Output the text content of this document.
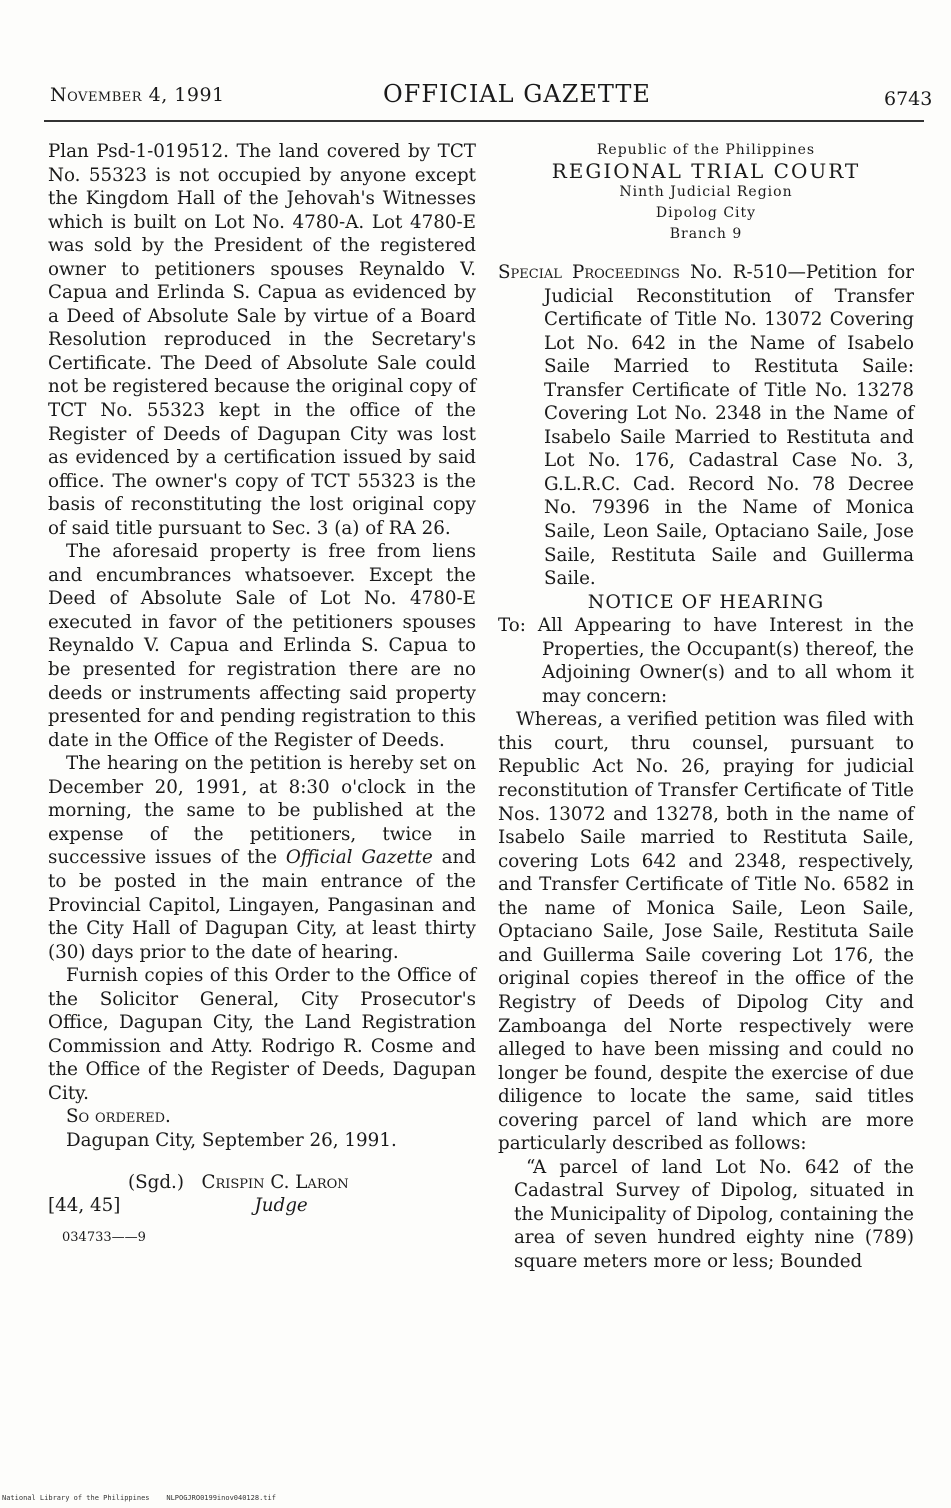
November 4, 1991	OFFICIAL GAZETTE	6743

Plan Psd-1-019512. The land covered by TCT No. 55323 is not occupied by anyone except the Kingdom Hall of the Jehovah's Witnesses which is built on Lot No. 4780-A. Lot 4780-E was sold by the President of the registered owner to petitioners spouses Reynaldo V. Capua and Erlinda S. Capua as evidenced by a Deed of Absolute Sale by virtue of a Board Resolution reproduced in the Secretary's Certificate. The Deed of Absolute Sale could not be registered because the original copy of TCT No. 55323 kept in the office of the Register of Deeds of Dagupan City was lost as evidenced by a certification issued by said office. The owner's copy of TCT 55323 is the basis of reconstituting the lost original copy of said title pursuant to Sec. 3 (a) of RA 26.

The aforesaid property is free from liens and encumbrances whatsoever. Except the Deed of Absolute Sale of Lot No. 4780-E executed in favor of the petitioners spouses Reynaldo V. Capua and Erlinda S. Capua to be presented for registration there are no deeds or instruments affecting said property presented for and pending registration to this date in the Office of the Register of Deeds.

The hearing on the petition is hereby set on December 20, 1991, at 8:30 o'clock in the morning, the same to be published at the expense of the petitioners, twice in successive issues of the Official Gazette and to be posted in the main entrance of the Provincial Capitol, Lingayen, Pangasinan and the City Hall of Dagupan City, at least thirty (30) days prior to the date of hearing.

Furnish copies of this Order to the Office of the Solicitor General, City Prosecutor's Office, Dagupan City, the Land Registration Commission and Atty. Rodrigo R. Cosme and the Office of the Register of Deeds, Dagupan City.

So ordered.

Dagupan City, September 26, 1991.

(Sgd.) Crispin C. Laron
[44, 45]	Judge
034733——9
Republic of the Philippines
REGIONAL TRIAL COURT
Ninth Judicial Region
Dipolog City
Branch 9

Special Proceedings No. R-510—Petition for Judicial Reconstitution of Transfer Certificate of Title No. 13072 Covering Lot No. 642 in the Name of Isabelo Saile Married to Restituta Saile: Transfer Certificate of Title No. 13278 Covering Lot No. 2348 in the Name of Isabelo Saile Married to Restituta and Lot No. 176, Cadastral Case No. 3, G.L.R.C. Cad. Record No. 78 Decree No. 79396 in the Name of Monica Saile, Leon Saile, Optaciano Saile, Jose Saile, Restituta Saile and Guillerma Saile.

NOTICE OF HEARING

To: All Appearing to have Interest in the Properties, the Occupant(s) thereof, the Adjoining Owner(s) and to all whom it may concern:

Whereas, a verified petition was filed with this court, thru counsel, pursuant to Republic Act No. 26, praying for judicial reconstitution of Transfer Certificate of Title Nos. 13072 and 13278, both in the name of Isabelo Saile married to Restituta Saile, covering Lots 642 and 2348, respectively, and Transfer Certificate of Title No. 6582 in the name of Monica Saile, Leon Saile, Optaciano Saile, Jose Saile, Restituta Saile and Guillerma Saile covering Lot 176, the original copies thereof in the office of the Registry of Deeds of Dipolog City and Zamboanga del Norte respectively were alleged to have been missing and could no longer be found, despite the exercise of due diligence to locate the same, said titles covering parcel of land which are more particularly described as follows:

“A parcel of land Lot No. 642 of the Cadastral Survey of Dipolog, situated in the Municipality of Dipolog, containing the area of seven hundred eighty nine (789) square meters more or less; Bounded

National Library of the Philippines    NLPOGJRO0199inov040128.tif
